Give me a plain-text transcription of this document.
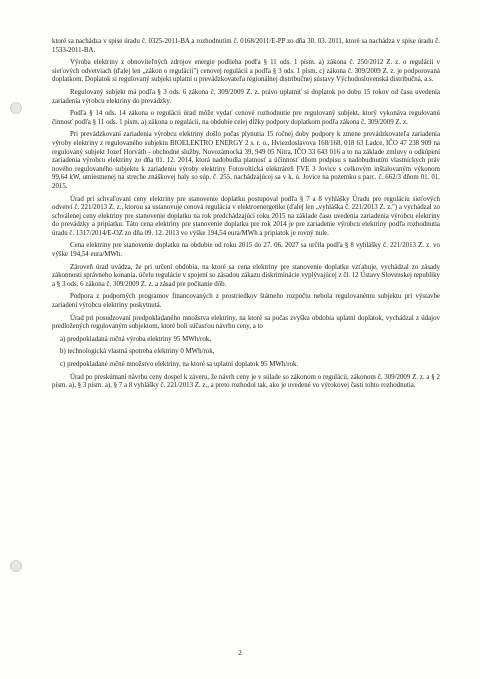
ktoré sa nachádza v spise úradu č. 0325-2011-BA a rozhodnutím č. 0168/2011/E-PP zo dňa 30. 03. 2011, ktoré sa nachádza v spise úradu č. 1533-2011-BA.
Výroba elektriny z obnoviteľných zdrojov energie podlieha podľa § 11 ods. 1 písm. a) zákona č. 250/2012 Z. z. o regulácii v sieťových odvetviach (ďalej len „zákon o regulácii") cenovej regulácii a podľa § 3 ods. 1 písm. c) zákona č. 309/2009 Z. z. je podporovaná doplatkom. Doplatok si regulovaný subjekt uplatní u prevádzkovateľa regionálnej distribučnej sústavy Východoslovenská distribučná, a.s.
Regulovaný subjekt má podľa § 3 ods. 6 zákona č. 309/2009 Z. z. právo uplatniť si doplatok po dobu 15 rokov od času uvedenia zariadenia výrobcu elektriny do prevádzky.
Podľa § 14 ods. 14 zákona o regulácii úrad môže vydať cenové rozhodnutie pre regulovaný subjekt, ktorý vykonáva regulovanú činnosť podľa § 11 ods. 1 písm. a) zákona o regulácii, na obdobie celej dĺžky podpory doplatkom podľa zákona č. 309/2009 Z. z.
Pri prevádzkovaní zariadenia výrobcu elektriny došlo počas plynutia 15 ročnej doby podpory k zmene prevádzkovateľa zariadenia výroby elektriny z regulovaného subjektu BIOELEKTRO ENERGY 2 s. r. o., Hviezdoslavova 168/168, 018 63 Ladce, IČO 47 238 909 na regulovaný subjekt Jozef Horváth - obchodné služby, Novozámocká 39, 949 05 Nitra, IČO 33 643 016 a to na základe zmluvy o odkúpení zariadenia výrobcu elektriny zo dňa 01. 12. 2014, ktorá nadobudla platnosť a účinnosť dňom podpisu s nadobudnutím vlastníckych práv nového regulovaného subjektu k zariadeniu výroby elektriny Fotovoltická elektráreň FVE 3 Jovice s celkovým inštalovaným výkonom 99,64 kW, umiestnenej na streche znáškovej haly so súp. č. 255, nachádzajúcej sa v k. ú. Jovice na pozemku s parc. č. 662/3 dňom 01. 01. 2015.
Úrad pri schvaľovaní ceny elektriny pre stanovenie doplatku postupoval podľa § 7 a 8 vyhlášky Úradu pre reguláciu sieťových odvetví č. 221/2013 Z. z., ktorou sa ustanovuje cenová regulácia v elektroenergetike (ďalej len „vyhláška č. 221/2013 Z. z.") a vychádzal zo schválenej ceny elektriny pre stanovenie doplatku na rok predchádzajúci roku 2015 na základe času uvedenia zariadenia výrobcu elektriny do prevádzky a pripíatku. Táto cena elektriny pre stanovenie doplatku pre rok 2014 je pre zariadenie výrobcu elektriny podľa rozhodnutia úradu č. 1317/2014/E-OZ zo dňa 09. 12. 2013 vo výške 194,54 eura/MWh a pripíatok je rovný nule.
Cena elektriny pre stanovenie doplatku na obdobie od roku 2015 do 27. 06. 2027 sa určila podľa § 8 vyhlášky č. 221/2013 Z. z. vo výške 194,54 eura/MWh.
Zároveň úrad uvádza, že pri určení obdobia, na ktoré sa cena elektriny pre stanovenie doplatku vzťahuje, vychádzal zo zásady zákonnosti správneho konania, účelu regulácie v spojení so zásadou zákazu diskriminácie vyplývajúcej z čl. 12 Ústavy Slovenskej republiky a § 3 ods. 6 zákona č. 309/2009 Z. z. a zásad pre počítanie dôb.
Podpora z podporných programov financovaných z prostriedkov štátneho rozpočtu nebola regulovanému subjektu pri výstavbe zariadení výrobcu elektriny poskytnutá.
Úrad pri posudzovaní predpokladaného množstva elektriny, na ktoré sa počas zvyšku obdobia uplatní doplatok, vychádzal z údajov predložených regulovaným subjektom, ktoré boli súčasťou návrhu ceny, a to
a) predpokladaná ročná výroba elektriny 95 MWh/rok,
b) technologická vlastná spotreba elektriny 0 MWh/rok,
c) predpokladané ročné množstvo elektriny, na ktoré sa uplatní doplatok 95 MWh/rok.
Úrad po preskúmaní návrhu ceny dospel k záveru, že návrh ceny je v súlade so zákonom o regulácii, zákonom č. 309/2009 Z. z. a § 2 písm. a), § 3 písm. a), § 7 a 8 vyhlášky č. 221/2013 Z. z., a preto rozhodol tak, ako je uvedené vo výrokovej časti tohto rozhodnutia.
2
